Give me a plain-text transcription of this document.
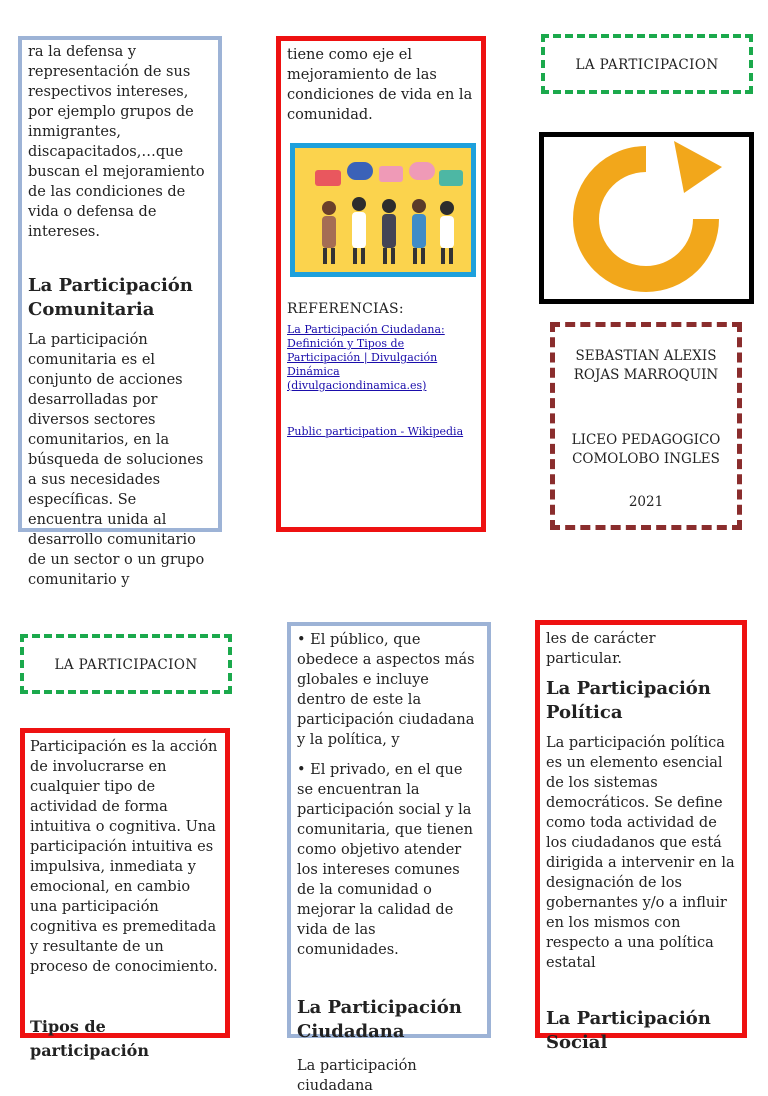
ra la defensa y representación de sus respectivos intereses, por ejemplo grupos de inmigrantes, discapacitados,…que buscan el mejoramiento de las condiciones de vida o defensa de intereses.

La Participación Comunitaria

La participación comunitaria es el conjunto de acciones desarrolladas por diversos sectores comunitarios, en la búsqueda de soluciones a sus necesidades específicas. Se encuentra unida al desarrollo comunitario de un sector o un grupo comunitario y

tiene como eje el mejoramiento de las condiciones de vida en la comunidad.

REFERENCIAS:

La Participación Ciudadana: Definición y Tipos de Participación | Divulgación Dinámica (divulgaciondinamica.es)

Public participation - Wikipedia

LA PARTICIPACION
SEBASTIAN ALEXIS
ROJAS MARROQUIN
LICEO PEDAGOGICO
COMOLOBO INGLES
2021
LA PARTICIPACION

Participación es la acción de involucrarse en cualquier tipo de actividad de forma intuitiva o cognitiva. Una participación intuitiva es impulsiva, inmediata y emocional, en cambio una participación cognitiva es premeditada y resultante de un proceso de conocimiento.

Tipos de participación

• El público, que obedece a aspectos más globales e incluye dentro de este la participación ciudadana y la política, y

• El privado, en el que se encuentran la participación social y la comunitaria, que tienen como objetivo atender los intereses comunes de la comunidad o mejorar la calidad de vida de las comunidades.

La Participación Ciudadana

La participación ciudadana

les de carácter particular.

La Participación Política

La participación política es un elemento esencial de los sistemas democráticos. Se define como toda actividad de los ciudadanos que está dirigida a intervenir en la designación de los gobernantes y/o a influir en los mismos con respecto a una política estatal

La Participación Social
